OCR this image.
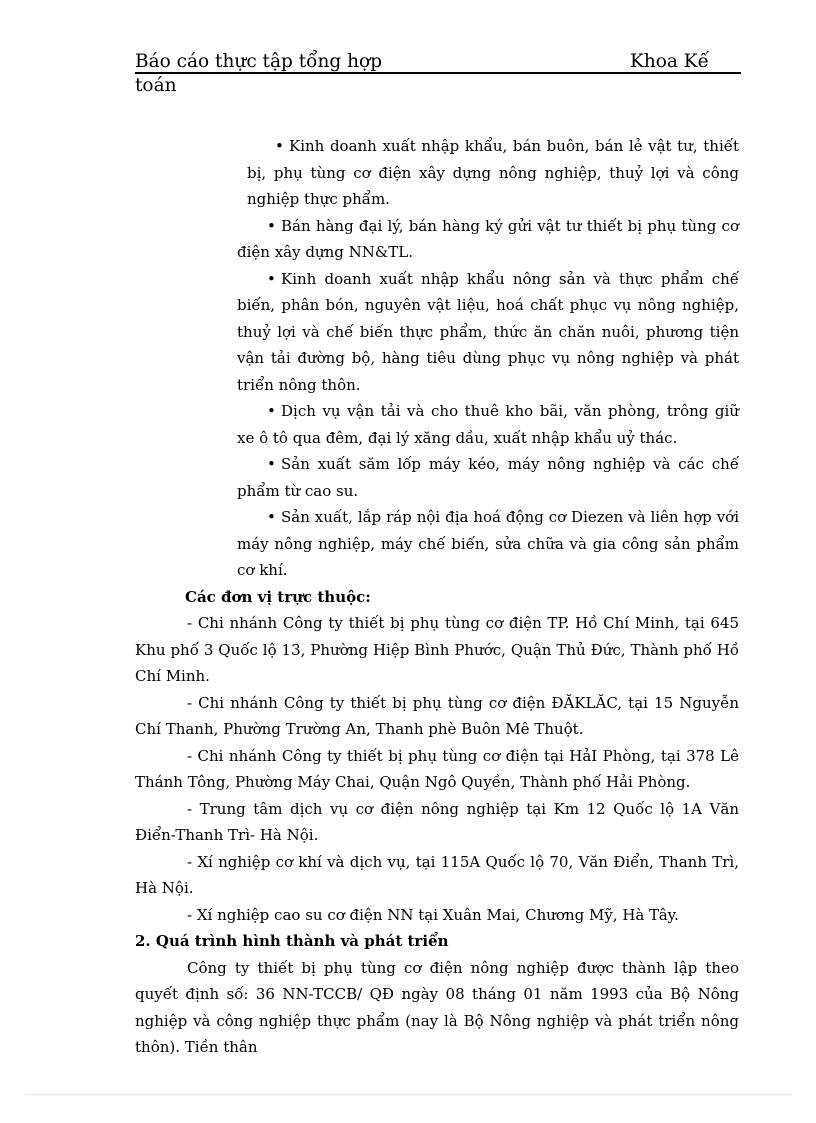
Báo cáo thực tập tổng hợp	Khoa Kế
toán

• Kinh doanh xuất nhập khẩu, bán buôn, bán lẻ vật tư, thiết bị, phụ tùng cơ điện xây dựng nông nghiệp, thuỷ lợi và công nghiệp thực phẩm.

• Bán hàng đại lý, bán hàng ký gửi vật tư thiết bị phụ tùng cơ điện xây dựng NN&TL.

• Kinh doanh xuất nhập khẩu nông sản và thực phẩm chế biến, phân bón, nguyên vật liệu, hoá chất phục vụ nông nghiệp, thuỷ lợi và chế biến thực phẩm, thức ăn chăn nuôi, phương tiện vận tải đường bộ, hàng tiêu dùng phục vụ nông nghiệp và phát triển nông thôn.

• Dịch vụ vận tải và cho thuê kho bãi, văn phòng, trông giữ xe ô tô qua đêm, đại lý xăng dầu, xuất nhập khẩu uỷ thác.

• Sản xuất săm lốp máy kéo, máy nông nghiệp và các chế phẩm từ cao su.

• Sản xuất, lắp ráp nội địa hoá động cơ Diezen và liên hợp với máy nông nghiệp, máy chế biến, sửa chữa và gia công sản phẩm cơ khí.

Các đơn vị trực thuộc:

- Chi nhánh Công ty thiết bị phụ tùng cơ điện TP. Hồ Chí Minh, tại 645 Khu phố 3 Quốc lộ 13, Phường Hiệp Bình Phước, Quận Thủ Đức, Thành phố Hồ Chí Minh.

- Chi nhánh Công ty thiết bị phụ tùng cơ điện ĐĂKLĂC, tại 15 Nguyễn Chí Thanh, Phường Trường An, Thanh phè Buôn Mê Thuột.

- Chi nhánh Công ty thiết bị phụ tùng cơ điện tại HảI Phòng, tại 378 Lê Thánh Tông, Phường Máy Chai, Quận Ngô Quyền, Thành phố Hải Phòng.

- Trung tâm dịch vụ cơ điện nông nghiệp tại Km 12 Quốc lộ 1A Văn Điển-Thanh Trì- Hà Nội.

- Xí nghiệp cơ khí và dịch vụ, tại 115A Quốc lộ 70, Văn Điển, Thanh Trì, Hà Nội.

- Xí nghiệp cao su cơ điện NN tại Xuân Mai, Chương Mỹ, Hà Tây.

2. Quá trình hình thành và phát triển

Công ty thiết bị phụ tùng cơ điện nông nghiệp được thành lập theo quyết định số: 36 NN-TCCB/ QĐ ngày 08 tháng 01 năm 1993 của Bộ Nông nghiệp và công nghiệp thực phẩm (nay là Bộ Nông nghiệp và phát triển nông thôn). Tiền thân
